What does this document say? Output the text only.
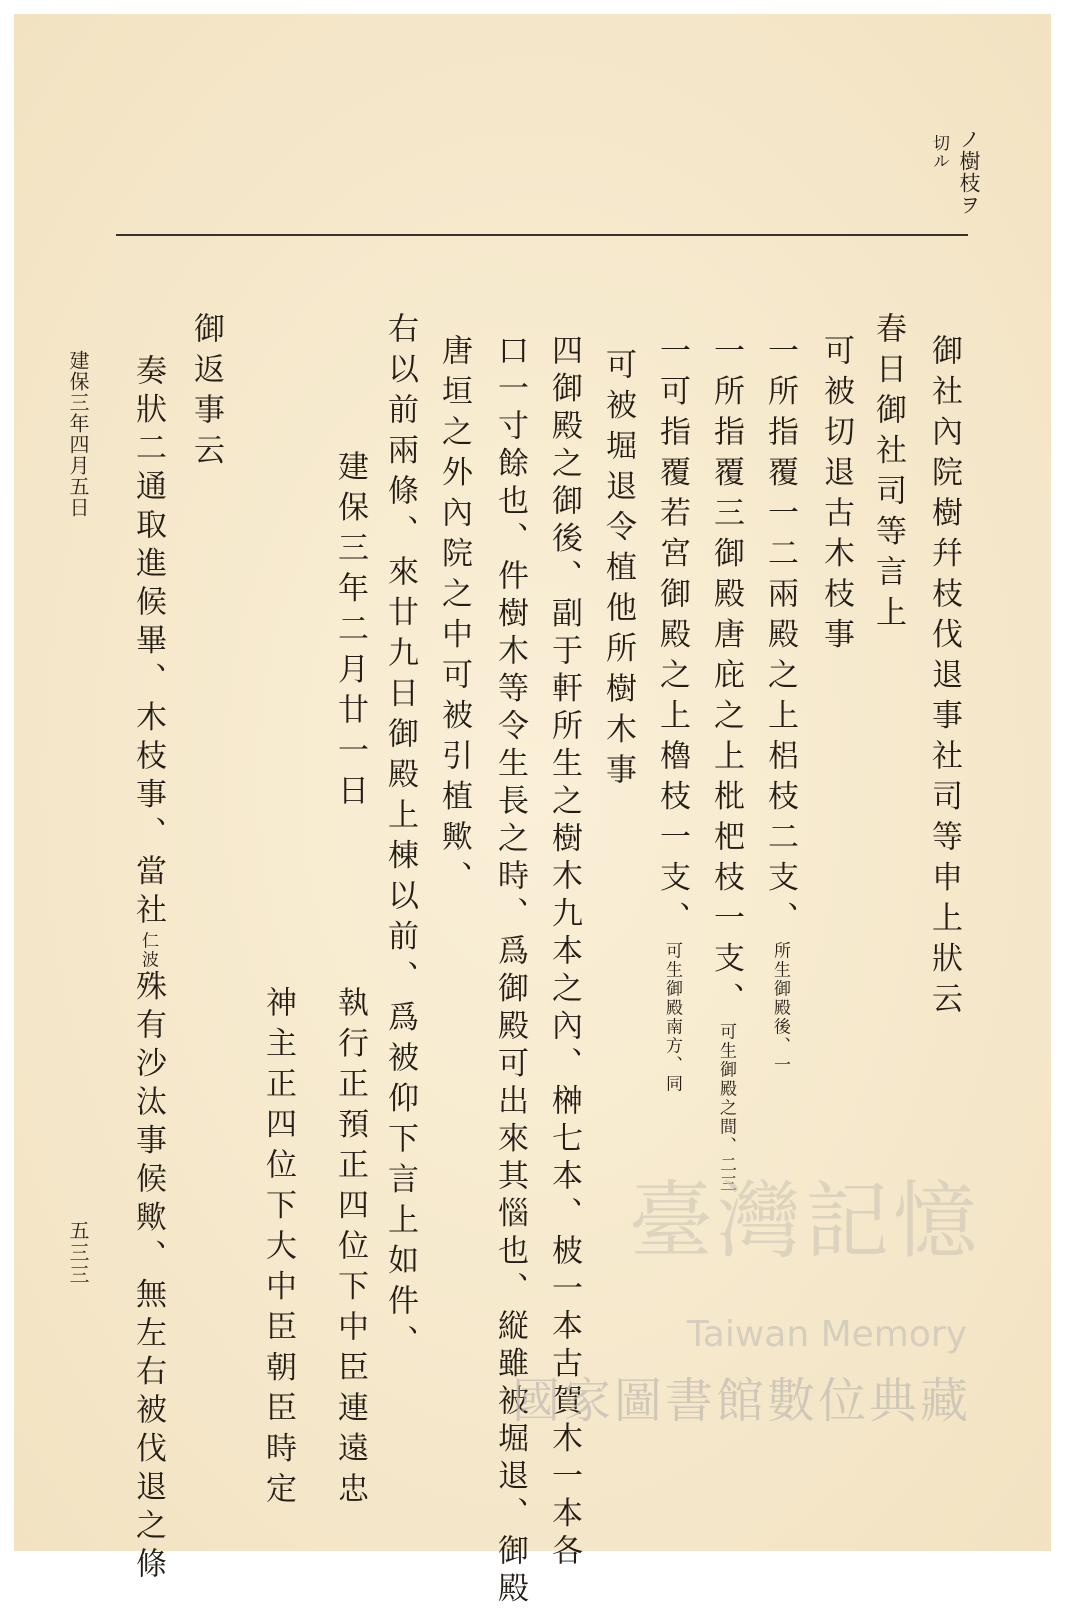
ノ樹枝ヲ
切ル
御社內院樹幷枝伐退事社司等申上狀云
春日御社司等言上
可被切退古木枝事
一所指覆一二兩殿之上梠枝二支、所生御殿後、一
一所指覆三御殿唐庇之上枇杷枝一支、可生御殿之間、二三
一可指覆若宮御殿之上櫓枝一支、可生御殿南方、同
可被堀退令植他所樹木事
四御殿之御後、副于軒所生之樹木九本之內、榊七本、柀一本古賀木一本各
口一寸餘也、件樹木等令生長之時、爲御殿可出來其惱也、縦雖被堀退、御殿
唐垣之外內院之中可被引植歟、
右以前兩條、來廿九日御殿上棟以前、爲被仰下言上如件、
建保三年二月廿一日
執行正預正四位下中臣連遠忠
神主正四位下大中臣朝臣時定
御返事云
奏狀二通取進候畢、木枝事、當社仁波殊有沙汰事候歟、無左右被伐退之條
建保三年四月五日
五三三	臺灣記憶
Taiwan Memory
國家圖書館數位典藏
